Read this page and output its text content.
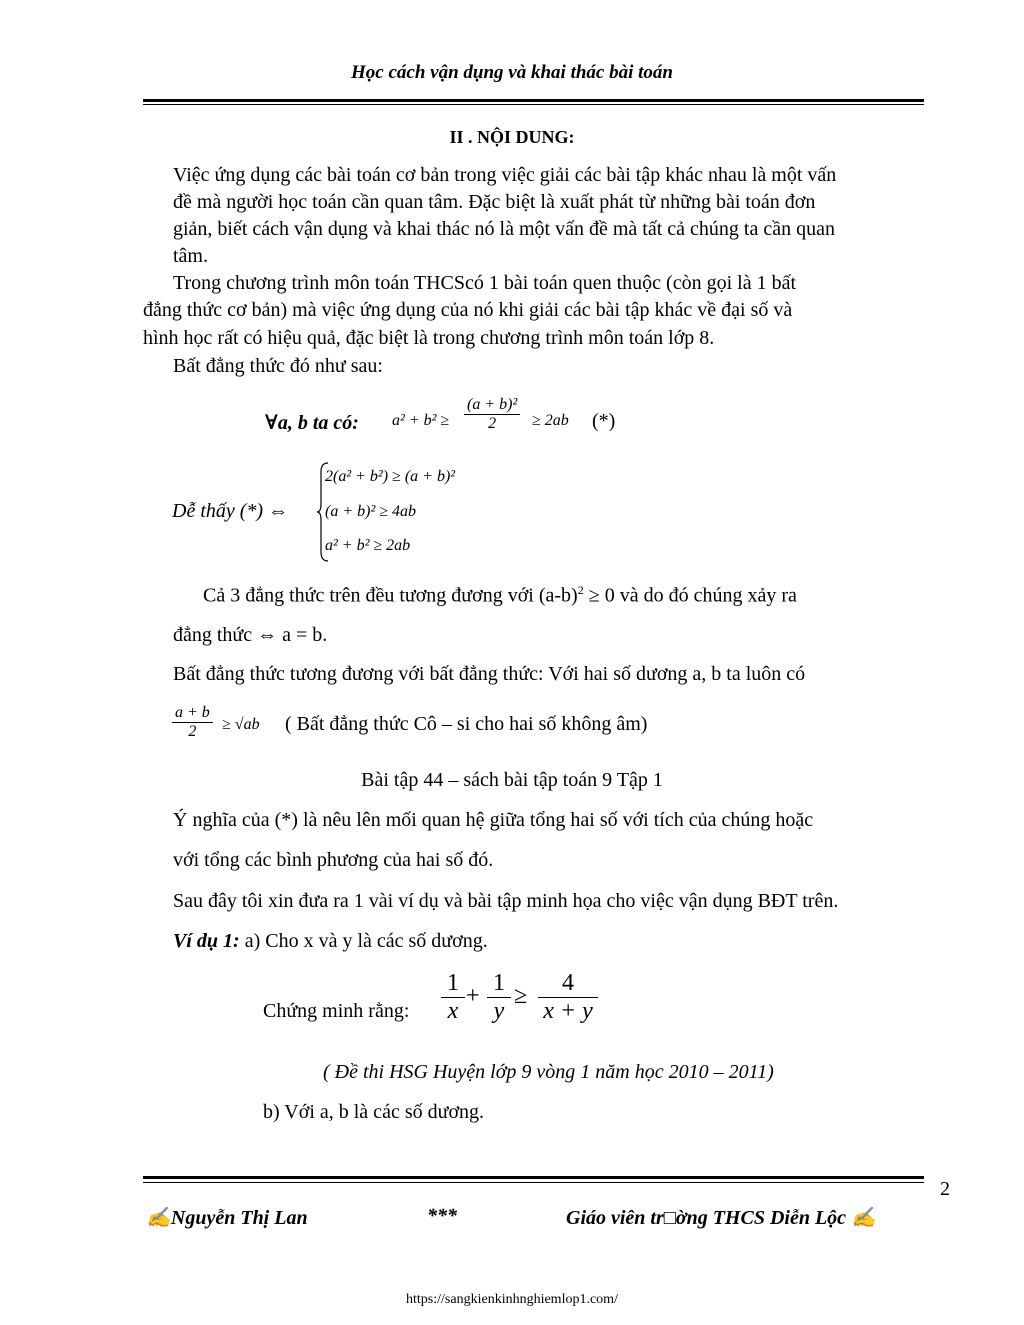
Học cách vận dụng và khai thác bài toán
II . NỘI DUNG:
Việc ứng dụng các bài toán cơ bản trong việc giải các bài tập khác nhau là một vấn
đề mà người học toán cần quan tâm. Đặc biệt là xuất phát từ những bài toán đơn
giản, biết cách vận dụng và khai thác nó là một vấn đề mà tất cả chúng ta cần quan
tâm.
Trong chương trình môn toán THCScó 1 bài toán quen thuộc (còn gọi là 1 bất
đẳng thức cơ bản) mà việc ứng dụng của nó khi giải các bài tập khác về đại số và
hình học rất có hiệu quả, đặc biệt là trong chương trình môn toán lớp 8.
Bất đẳng thức đó như sau:
∀a, b ta có: $a^2 + b^2 \ge \frac{\text{(a + b)²}}{2} \ge 2ab$ (*)
Dễ thấy (*) ⇔
2(a² + b²) ≥ (a + b)²
(a + b)² ≥ 4ab
a² + b² ≥ 2ab
Cả 3 đẳng thức trên đều tương đương với $(a-b)^2 \ge 0$ và do đó chúng xảy ra
đẳng thức ⇔ a = b.
Bất đẳng thức tương đương với bất đẳng thức: Với hai số dương a, b ta luôn có
$\frac{a + b}{2} \ge √ab$ ( Bất đẳng thức Cô – si cho hai số không âm)
Bài tập 44 – sách bài tập toán 9 Tập 1
Ý nghĩa của (*) là nêu lên mối quan hệ giữa tổng hai số với tích của chúng hoặc
với tổng các bình phương của hai số đó.
Sau đây tôi xin đưa ra 1 vài ví dụ và bài tập minh họa cho việc vận dụng BĐT trên.
Ví dụ 1: a) Cho x và y là các số dương.
Chứng minh rằng: $\frac{1}{x} + \frac{1}{y} \ge \frac{4}{x + y}$
( Đề thi HSG Huyện lớp 9 vòng 1 năm học 2010 – 2011)
b) Với a, b là các số dương.
2
✍Nguyễn Thị Lan	***	Giáo viên tr□ờng THCS Diễn Lộc ✍
https://sangkienkinhnghiemlop1.com/
